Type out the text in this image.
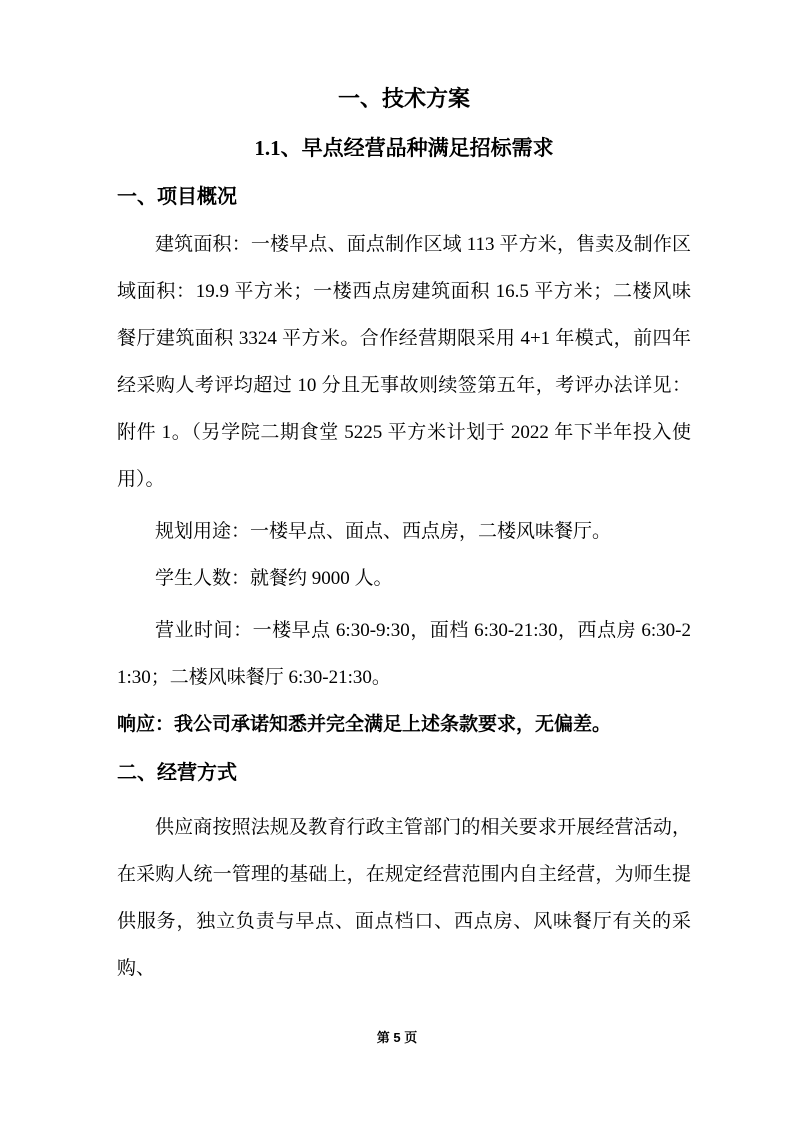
一、技术方案
1.1、早点经营品种满足招标需求
一、项目概况

建筑面积：一楼早点、面点制作区域 113 平方米，售卖及制作区域面积：19.9 平方米；一楼西点房建筑面积 16.5 平方米；二楼风味餐厅建筑面积 3324 平方米。合作经营期限采用 4+1 年模式，前四年经采购人考评均超过 10 分且无事故则续签第五年，考评办法详见：附件 1。（另学院二期食堂 5225 平方米计划于 2022 年下半年投入使用）。

规划用途：一楼早点、面点、西点房，二楼风味餐厅。

学生人数：就餐约 9000 人。

营业时间：一楼早点 6:30-9:30，面档 6:30-21:30，西点房 6:30-21:30；二楼风味餐厅 6:30-21:30。

响应：我公司承诺知悉并完全满足上述条款要求，无偏差。

二、经营方式

供应商按照法规及教育行政主管部门的相关要求开展经营活动，在采购人统一管理的基础上，在规定经营范围内自主经营，为师生提供服务，独立负责与早点、面点档口、西点房、风味餐厅有关的采购、

第 5 页
